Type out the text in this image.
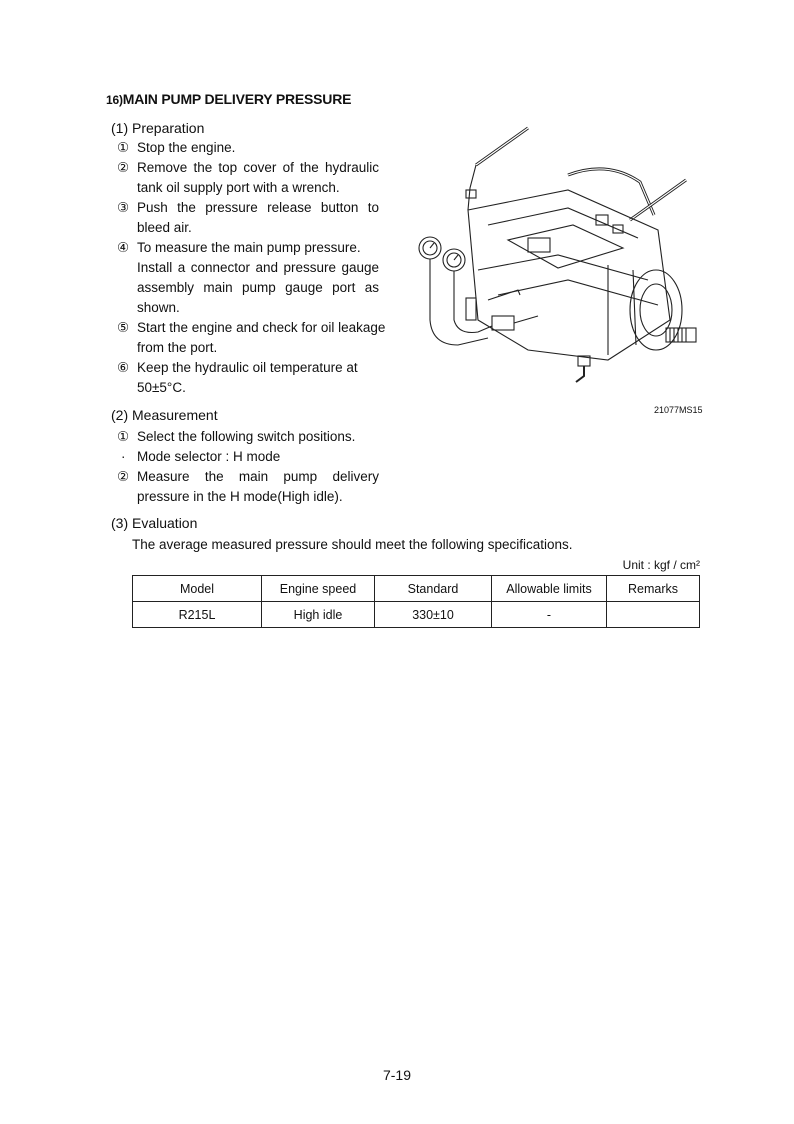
16)MAIN PUMP DELIVERY PRESSURE
(1) Preparation
① Stop the engine.
② Remove the top cover of the hydraulic
tank oil supply port with a wrench.
③ Push the pressure release button to
bleed air.
④ To measure the main pump pressure.
Install a connector and pressure gauge
assembly main pump gauge port as
shown.
⑤ Start the engine and check for oil leakage
from the port.
⑥ Keep the hydraulic oil temperature at
50±5°C.
(2) Measurement
① Select the following switch positions.
· Mode selector : H mode
② Measure the main pump delivery
pressure in the H mode(High idle).
(3) Evaluation
The average measured pressure should meet the following specifications.
21077MS15
Unit : kgf / cm²
Model	Engine speed	Standard	Allowable limits	Remarks
R215L	High idle	330±10	-	
7-19
